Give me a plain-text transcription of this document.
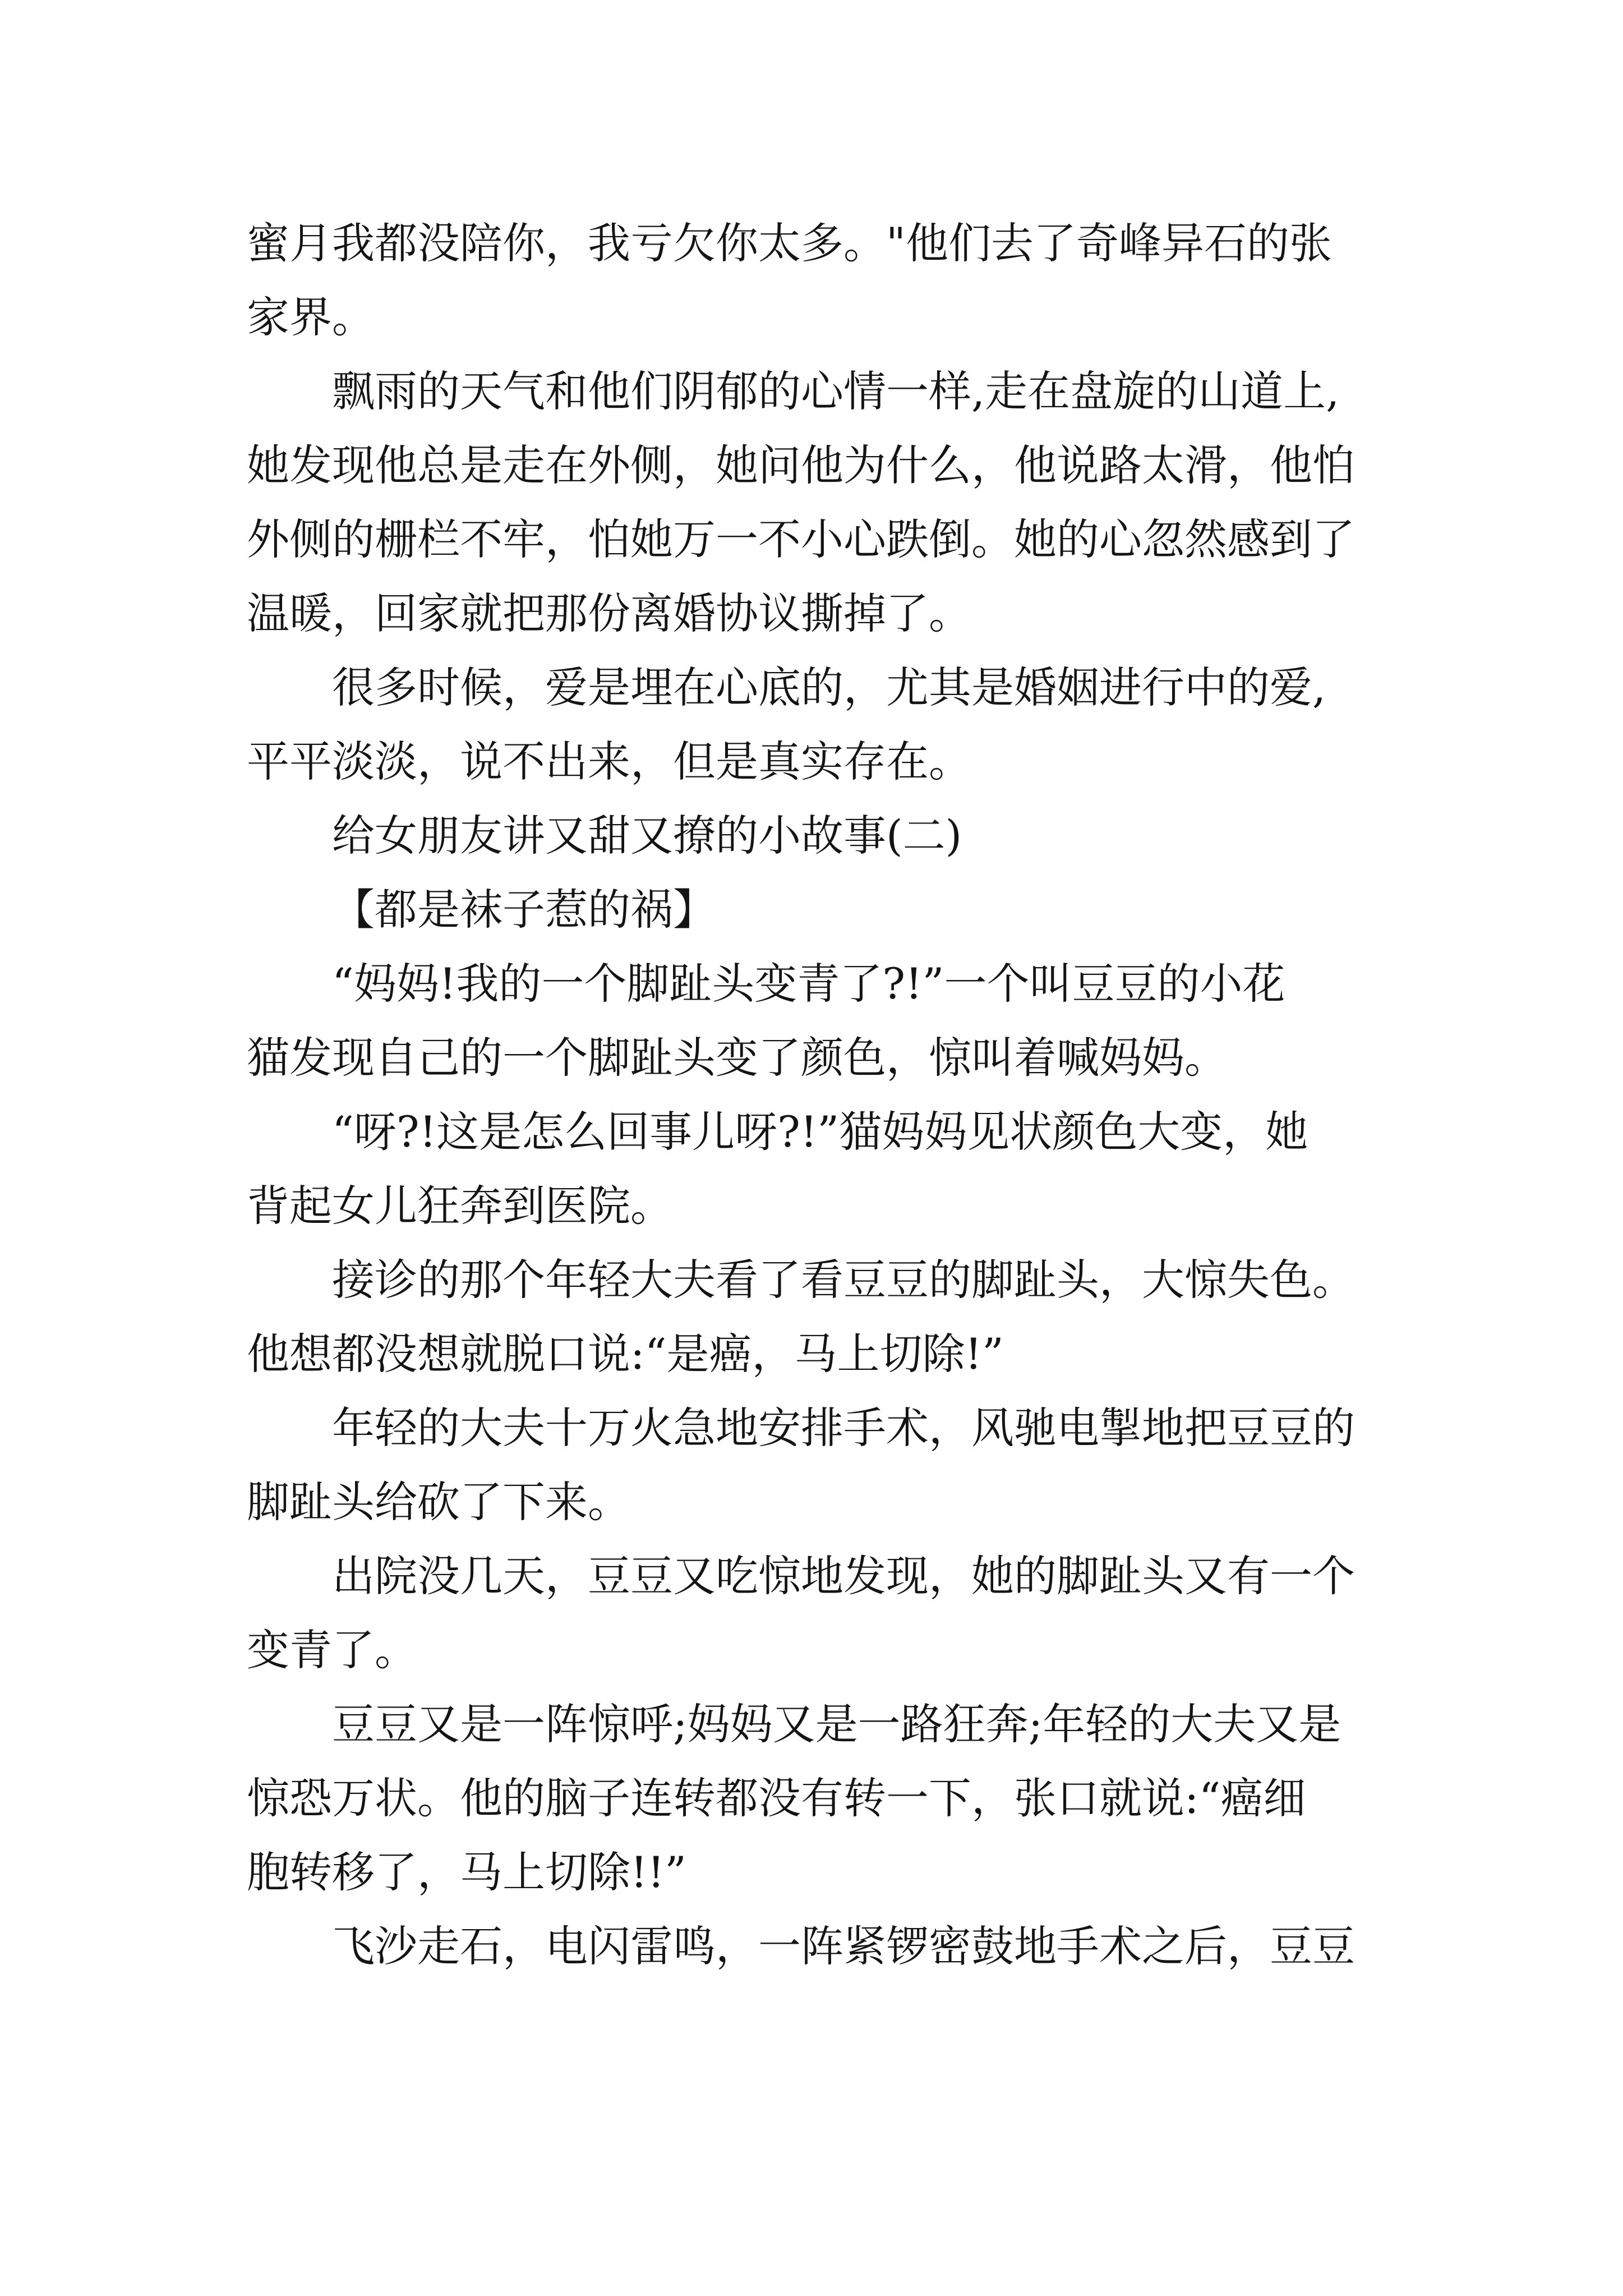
蜜月我都没陪你，我亏欠你太多。"他们去了奇峰异石的张
家界。
飘雨的天气和他们阴郁的心情一样,走在盘旋的山道上,
她发现他总是走在外侧，她问他为什么，他说路太滑，他怕
外侧的栅栏不牢，怕她万一不小心跌倒。她的心忽然感到了
温暖，回家就把那份离婚协议撕掉了。
很多时候，爱是埋在心底的，尤其是婚姻进行中的爱,
平平淡淡，说不出来，但是真实存在。
给女朋友讲又甜又撩的小故事(二)
【都是袜子惹的祸】
“妈妈!我的一个脚趾头变青了?!”一个叫豆豆的小花
猫发现自己的一个脚趾头变了颜色，惊叫着喊妈妈。
“呀?!这是怎么回事儿呀?!”猫妈妈见状颜色大变，她
背起女儿狂奔到医院。
接诊的那个年轻大夫看了看豆豆的脚趾头，大惊失色。
他想都没想就脱口说:“是癌，马上切除!”
年轻的大夫十万火急地安排手术，风驰电掣地把豆豆的
脚趾头给砍了下来。
出院没几天，豆豆又吃惊地发现，她的脚趾头又有一个
变青了。
豆豆又是一阵惊呼;妈妈又是一路狂奔;年轻的大夫又是
惊恐万状。他的脑子连转都没有转一下，张口就说:“癌细
胞转移了，马上切除!!”
飞沙走石，电闪雷鸣，一阵紧锣密鼓地手术之后，豆豆
